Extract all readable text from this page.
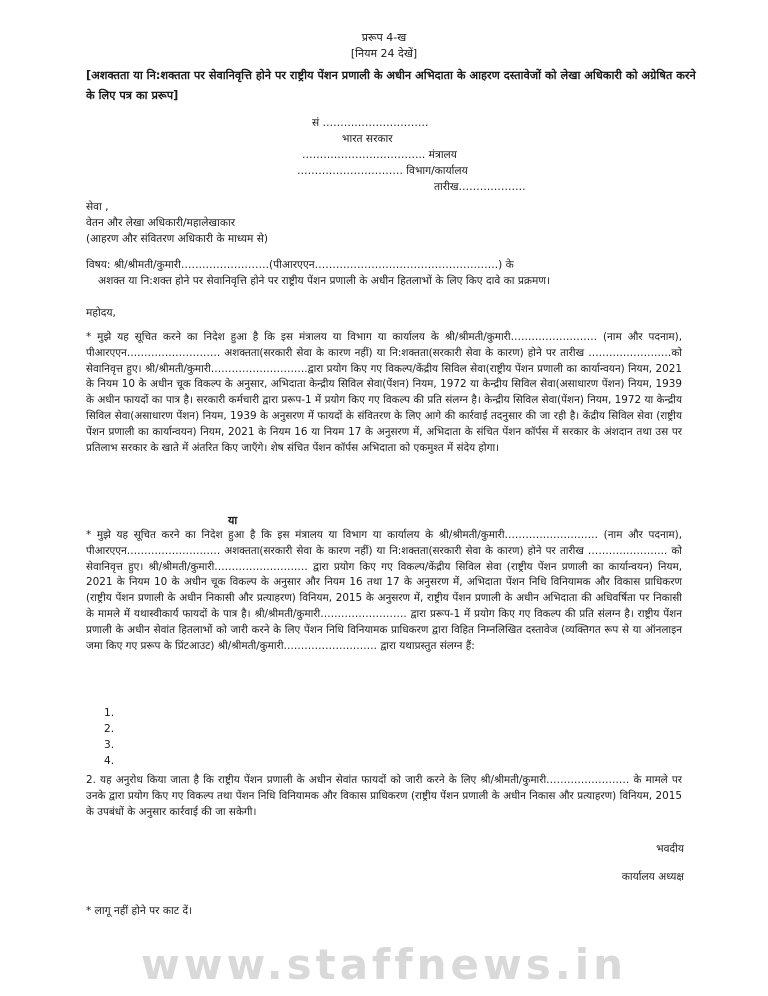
प्ररूप 4-ख
[नियम 24 देखें]
[अशक्तता या नि:शक्तता पर सेवानिवृत्ति होने पर राष्ट्रीय पेंशन प्रणाली के अधीन अभिदाता के आहरण दस्तावेजों को लेखा अधिकारी को अग्रेषित करने के लिए पत्र का प्ररूप]
सं …………………………
भारत सरकार
…………………………….. मंत्रालय
………………………… विभाग/कार्यालय
तारीख……………….
सेवा ,
वेतन और लेखा अधिकारी/महालेखाकार
(आहरण और संवितरण अधिकारी के माध्यम से)
विषय: श्री/श्रीमती/कुमारी…………………….(पीआरएएन…………………………………………….) के
अशक्त या नि:शक्त होने पर सेवानिवृत्ति होने पर राष्ट्रीय पेंशन प्रणाली के अधीन हितलाभों के लिए किए दावे का प्रक्रमण।
महोदय,
* मुझे यह सूचित करने का निदेश हुआ है कि इस मंत्रालय या विभाग या कार्यालय के श्री/श्रीमती/कुमारी……………………. (नाम और पदनाम), पीआरएएन……………………… अशक्तता(सरकारी सेवा के कारण नहीं) या नि:शक्तता(सरकारी सेवा के कारण) होने पर तारीख ……………………को सेवानिवृत्त हुए। श्री/श्रीमती/कुमारी……………………….द्वारा प्रयोग किए गए विकल्प/केंद्रीय सिविल सेवा(राष्ट्रीय पेंशन प्रणाली का कार्यान्वयन) नियम, 2021 के नियम 10 के अधीन चूक विकल्प के अनुसार, अभिदाता केन्द्रीय सिविल सेवा(पेंशन) नियम, 1972 या केन्द्रीय सिविल सेवा(असाधारण पेंशन) नियम, 1939 के अधीन फायदों का पात्र है। सरकारी कर्मचारी द्वारा प्ररूप-1 में प्रयोग किए गए विकल्प की प्रति संलग्न है। केन्द्रीय सिविल सेवा(पेंशन) नियम, 1972 या केन्द्रीय सिविल सेवा(असाधारण पेंशन) नियम, 1939 के अनुसरण में फायदों के संवितरण के लिए आगे की कार्रवाई तदनुसार की जा रही है। केंद्रीय सिविल सेवा (राष्ट्रीय पेंशन प्रणाली का कार्यान्वयन) नियम, 2021 के नियम 16 या नियम 17 के अनुसरण में, अभिदाता के संचित पेंशन कॉर्पस में सरकार के अंशदान तथा उस पर प्रतिलाभ सरकार के खाते में अंतरित किए जाएँगे। शेष संचित पेंशन कॉर्पस अभिदाता को एकमुश्त में संदेय होगा।
या
* मुझे यह सूचित करने का निदेश हुआ है कि इस मंत्रालय या विभाग या कार्यालय के श्री/श्रीमती/कुमारी……………………… (नाम और पदनाम), पीआरएएन……………………… अशक्तता(सरकारी सेवा के कारण नहीं) या नि:शक्तता(सरकारी सेवा के कारण) होने पर तारीख ………………….. को सेवानिवृत्त हुए। श्री/श्रीमती/कुमारी……………………… द्वारा प्रयोग किए गए विकल्प/केंद्रीय सिविल सेवा (राष्ट्रीय पेंशन प्रणाली का कार्यान्वयन) नियम, 2021 के नियम 10 के अधीन चूक विकल्प के अनुसार और नियम 16 तथा 17 के अनुसरण में, अभिदाता पेंशन निधि विनियामक और विकास प्राधिकरण (राष्ट्रीय पेंशन प्रणाली के अधीन निकासी और प्रत्याहरण) विनियम, 2015 के अनुसरण में, राष्ट्रीय पेंशन प्रणाली के अधीन अभिदाता की अधिवर्षिता पर निकासी के मामले में यथास्वीकार्य फायदों के पात्र है। श्री/श्रीमती/कुमारी……………………. द्वारा प्ररूप-1 में प्रयोग किए गए विकल्प की प्रति संलग्न है। राष्ट्रीय पेंशन प्रणाली के अधीन सेवांत हितलाभों को जारी करने के लिए पेंशन निधि विनियामक प्राधिकरण द्वारा विहित निम्नलिखित दस्तावेज (व्यक्तिगत रूप से या ऑनलाइन जमा किए गए प्ररूप के प्रिंटआउट) श्री/श्रीमती/कुमारी……………………… द्वारा यथाप्रस्तुत संलग्न हैं:
1.
2.
3.
4.
2. यह अनुरोध किया जाता है कि राष्ट्रीय पेंशन प्रणाली के अधीन सेवांत फायदों को जारी करने के लिए श्री/श्रीमती/कुमारी…………………… के मामले पर उनके द्वारा प्रयोग किए गए विकल्प तथा पेंशन निधि विनियामक और विकास प्राधिकरण (राष्ट्रीय पेंशन प्रणाली के अधीन निकास और प्रत्याहरण) विनियम, 2015 के उपबंधों के अनुसार कार्रवाई की जा सकेगी।
भवदीय
कार्यालय अध्यक्ष
* लागू नहीं होने पर काट दें।
www.staffnews.in
